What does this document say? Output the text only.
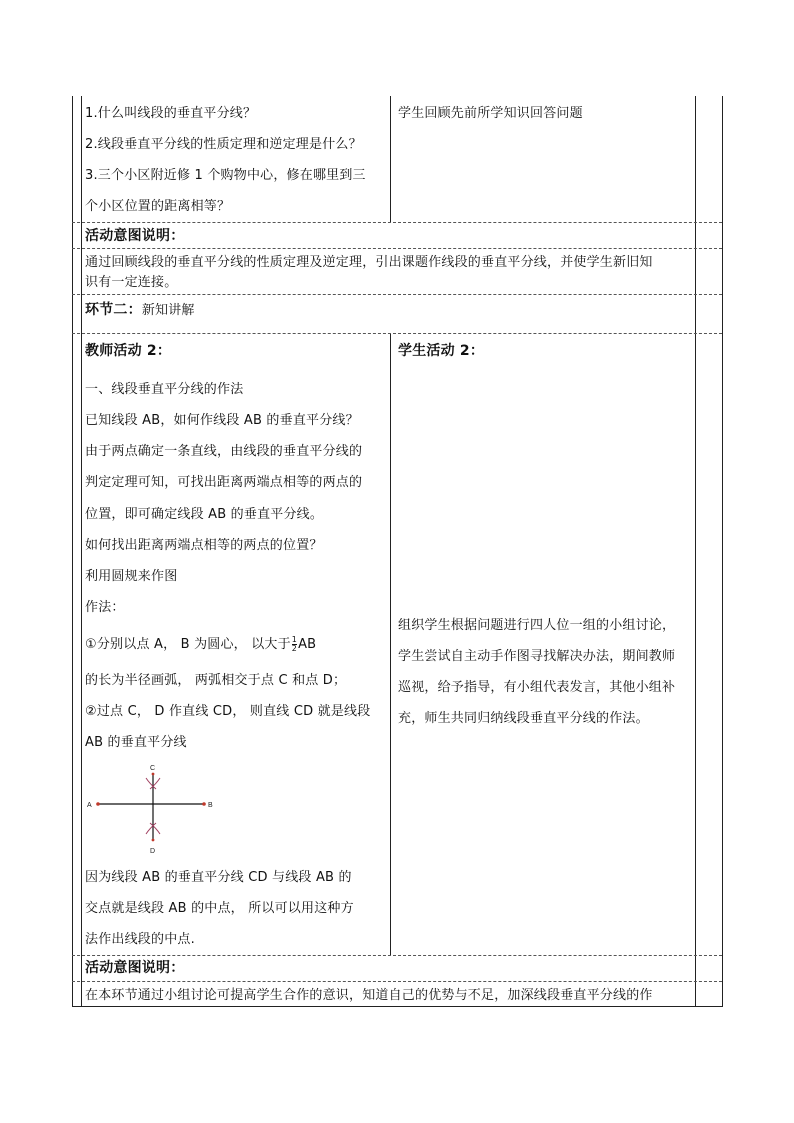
1.什么叫线段的垂直平分线？
2.线段垂直平分线的性质定理和逆定理是什么？
3.三个小区附近修 1 个购物中心，修在哪里到三
个小区位置的距离相等？
学生回顾先前所学知识回答问题
活动意图说明：
通过回顾线段的垂直平分线的性质定理及逆定理，引出课题作线段的垂直平分线，并使学生新旧知
识有一定连接。
环节二：新知讲解
教师活动 2：
一、线段垂直平分线的作法
已知线段 AB，如何作线段 AB 的垂直平分线？
由于两点确定一条直线，由线段的垂直平分线的
判定定理可知，可找出距离两端点相等的两点的
位置，即可确定线段 AB 的垂直平分线。
如何找出距离两端点相等的两点的位置？
利用圆规来作图
作法：
①分别以点 A， B 为圆心， 以大于 $\frac{1}{2}$ AB
的长为半径画弧， 两弧相交于点 C 和点 D；
②过点 C， D 作直线 CD， 则直线 CD 就是线段
AB 的垂直平分线
A	B
C
D
因为线段 AB 的垂直平分线 CD 与线段 AB 的
交点就是线段 AB 的中点， 所以可以用这种方
法作出线段的中点.
学生活动 2：
组织学生根据问题进行四人位一组的小组讨论，
学生尝试自主动手作图寻找解决办法，期间教师
巡视，给予指导，有小组代表发言，其他小组补
充，师生共同归纳线段垂直平分线的作法。
活动意图说明：
在本环节通过小组讨论可提高学生合作的意识，知道自己的优势与不足，加深线段垂直平分线的作
